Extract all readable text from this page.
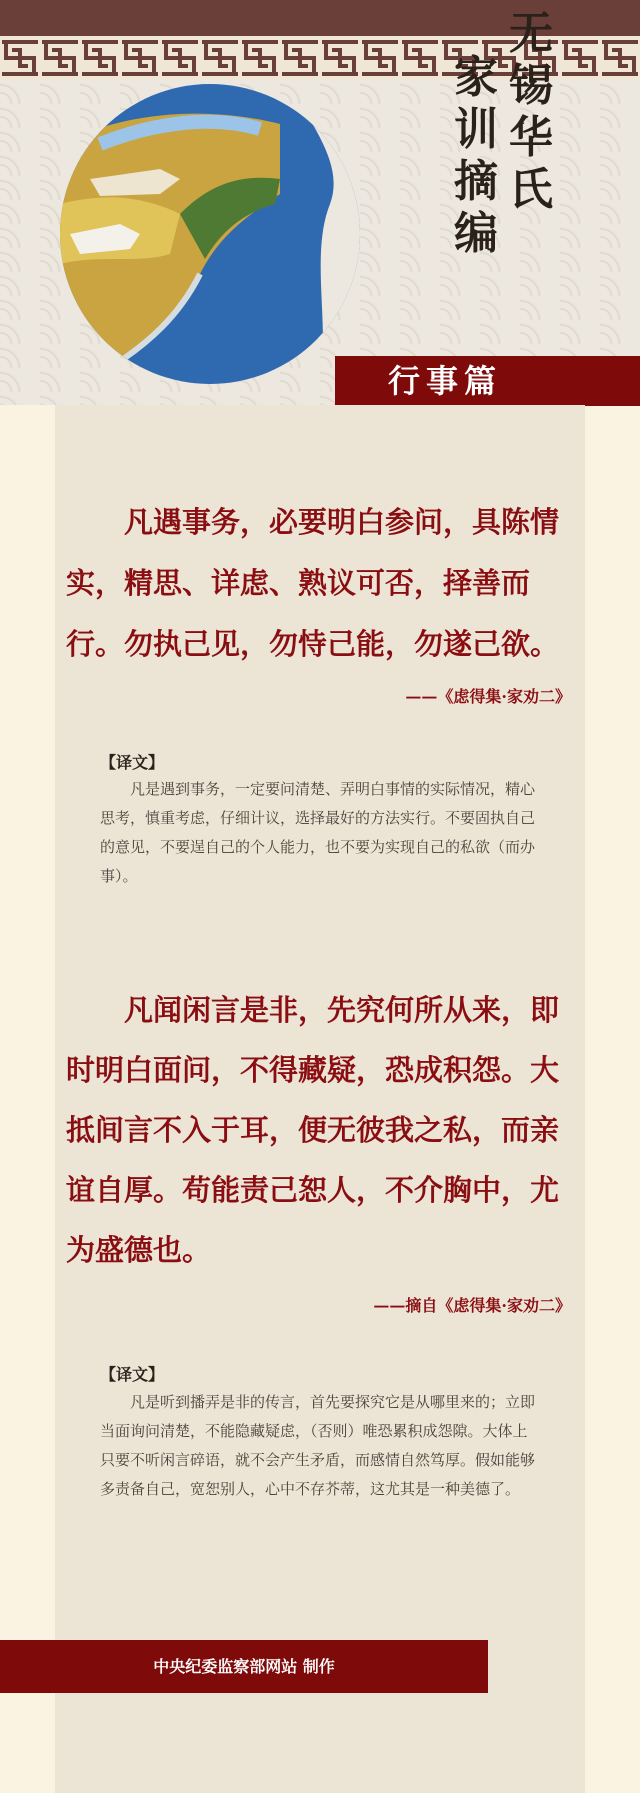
无锡华氏
家训摘编
行事篇

凡遇事务，必要明白参问，具陈情实，精思、详虑、熟议可否，择善而行。勿执己见，勿恃己能，勿遂己欲。

——《虑得集·家劝二》
【译文】

凡是遇到事务，一定要问清楚、弄明白事情的实际情况，精心思考，慎重考虑，仔细计议，选择最好的方法实行。不要固执自己的意见，不要逞自己的个人能力，也不要为实现自己的私欲（而办事）。

凡闻闲言是非，先究何所从来，即时明白面问，不得藏疑，恐成积怨。大抵间言不入于耳，便无彼我之私，而亲谊自厚。苟能责己恕人，不介胸中，尤为盛德也。

——摘自《虑得集·家劝二》
【译文】

凡是听到播弄是非的传言，首先要探究它是从哪里来的；立即当面询问清楚，不能隐藏疑虑，（否则）唯恐累积成怨隙。大体上只要不听闲言碎语，就不会产生矛盾，而感情自然笃厚。假如能够多责备自己，宽恕别人，心中不存芥蒂，这尤其是一种美德了。

中央纪委监察部网站 制作
